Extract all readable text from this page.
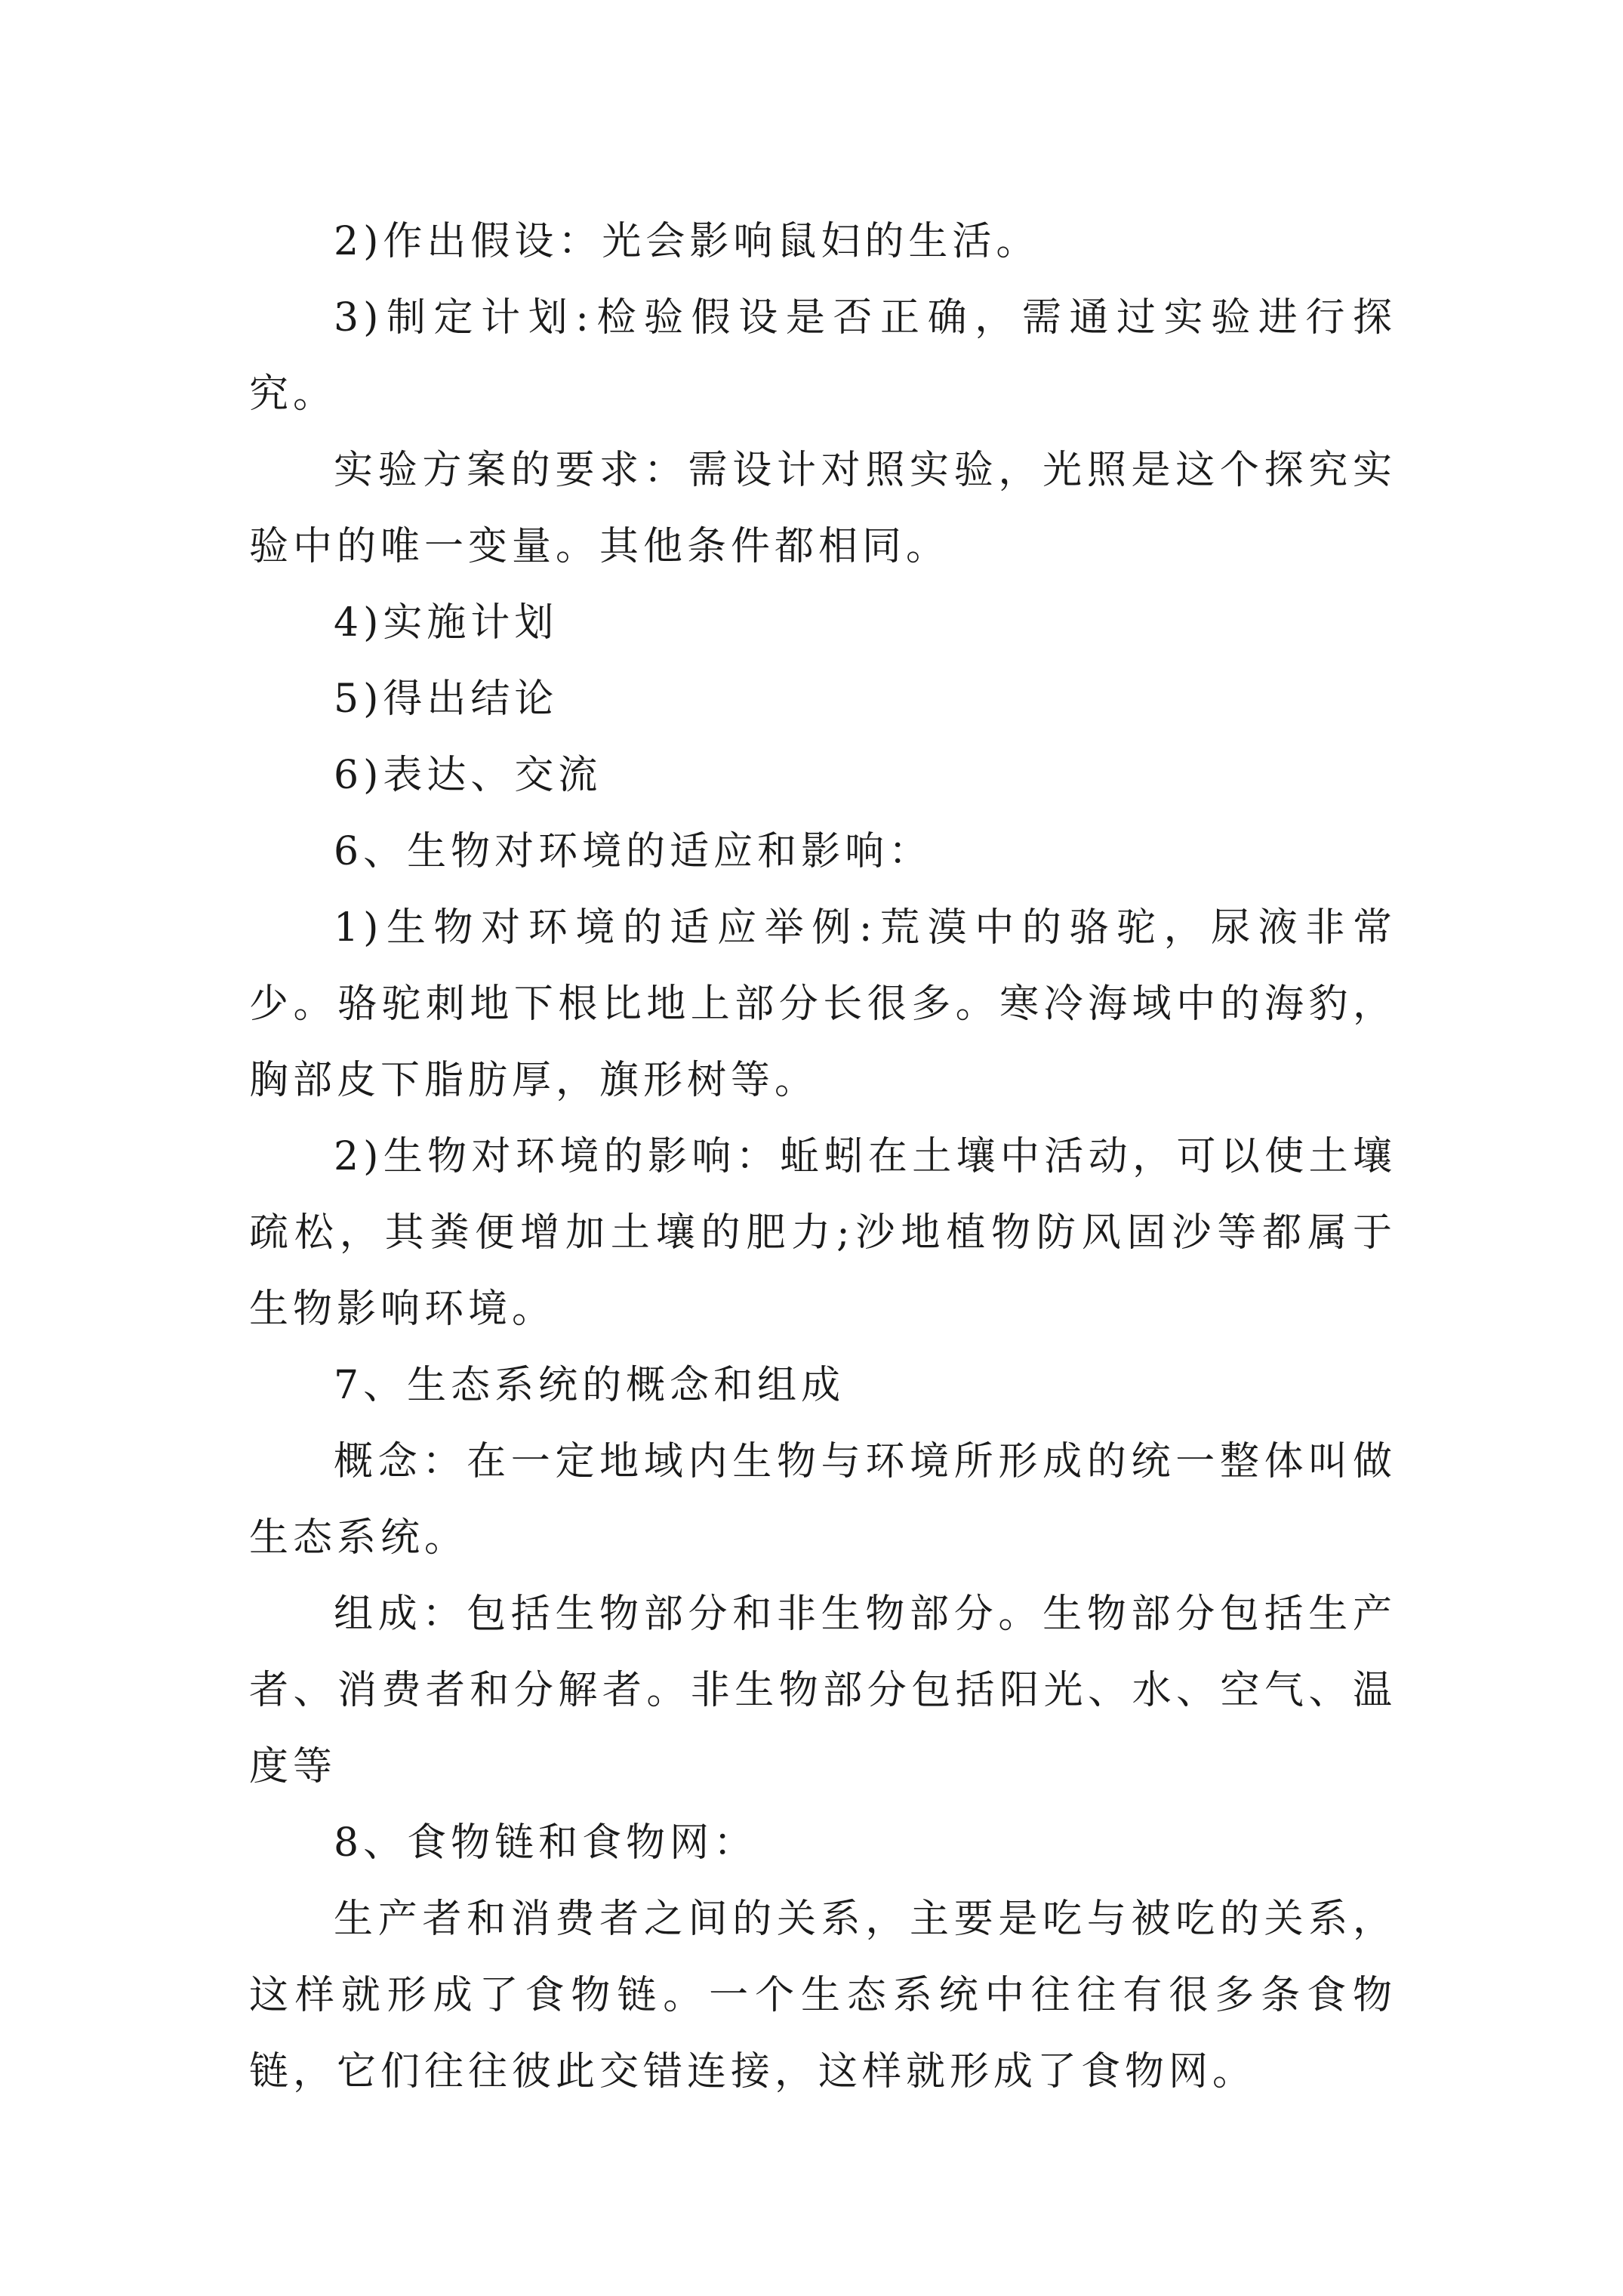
2)作出假设：光会影响鼠妇的生活。

3)制定计划:检验假设是否正确，需通过实验进行探究。

实验方案的要求：需设计对照实验，光照是这个探究实验中的唯一变量。其他条件都相同。

4)实施计划

5)得出结论

6)表达、交流

6、生物对环境的适应和影响：

1)生物对环境的适应举例:荒漠中的骆驼，尿液非常少。骆驼刺地下根比地上部分长很多。寒冷海域中的海豹，胸部皮下脂肪厚，旗形树等。

2)生物对环境的影响：蚯蚓在土壤中活动，可以使土壤疏松，其粪便增加土壤的肥力;沙地植物防风固沙等都属于生物影响环境。

7、生态系统的概念和组成

概念：在一定地域内生物与环境所形成的统一整体叫做生态系统。

组成：包括生物部分和非生物部分。生物部分包括生产者、消费者和分解者。非生物部分包括阳光、水、空气、温度等

8、食物链和食物网：

生产者和消费者之间的关系，主要是吃与被吃的关系，这样就形成了食物链。一个生态系统中往往有很多条食物链，它们往往彼此交错连接，这样就形成了食物网。
